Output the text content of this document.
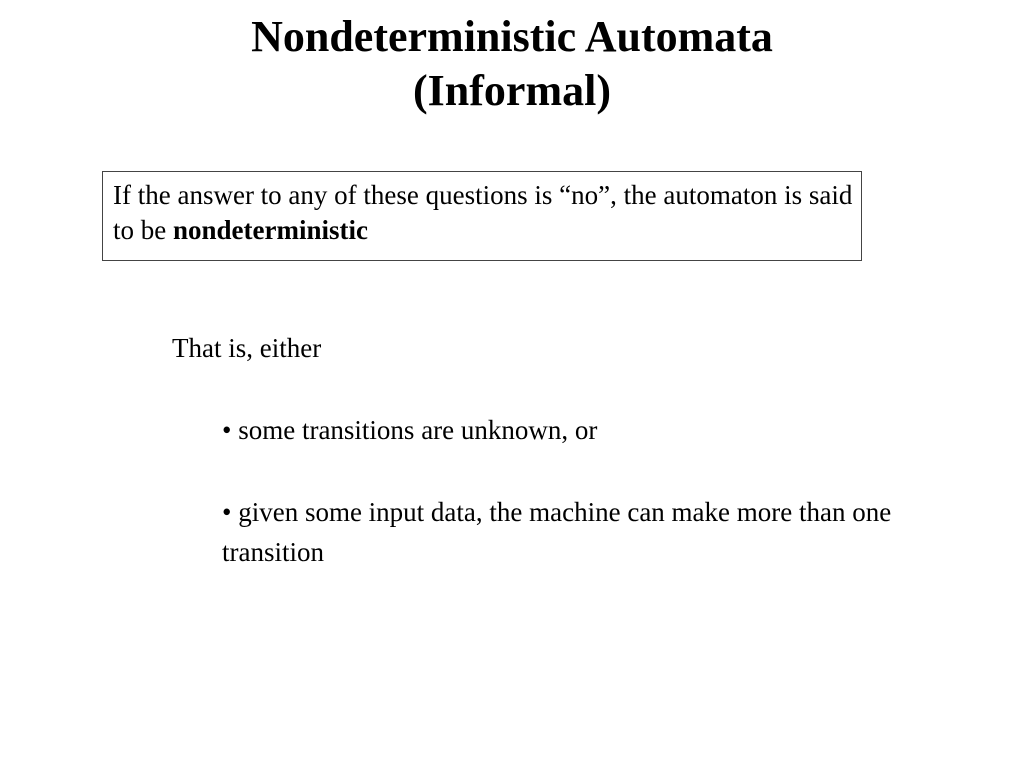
Nondeterministic Automata
(Informal)
If the answer to any of these questions is “no”, the automaton is said to be nondeterministic
That is, either
• some transitions are unknown, or
• given some input data, the machine can make more than one transition
